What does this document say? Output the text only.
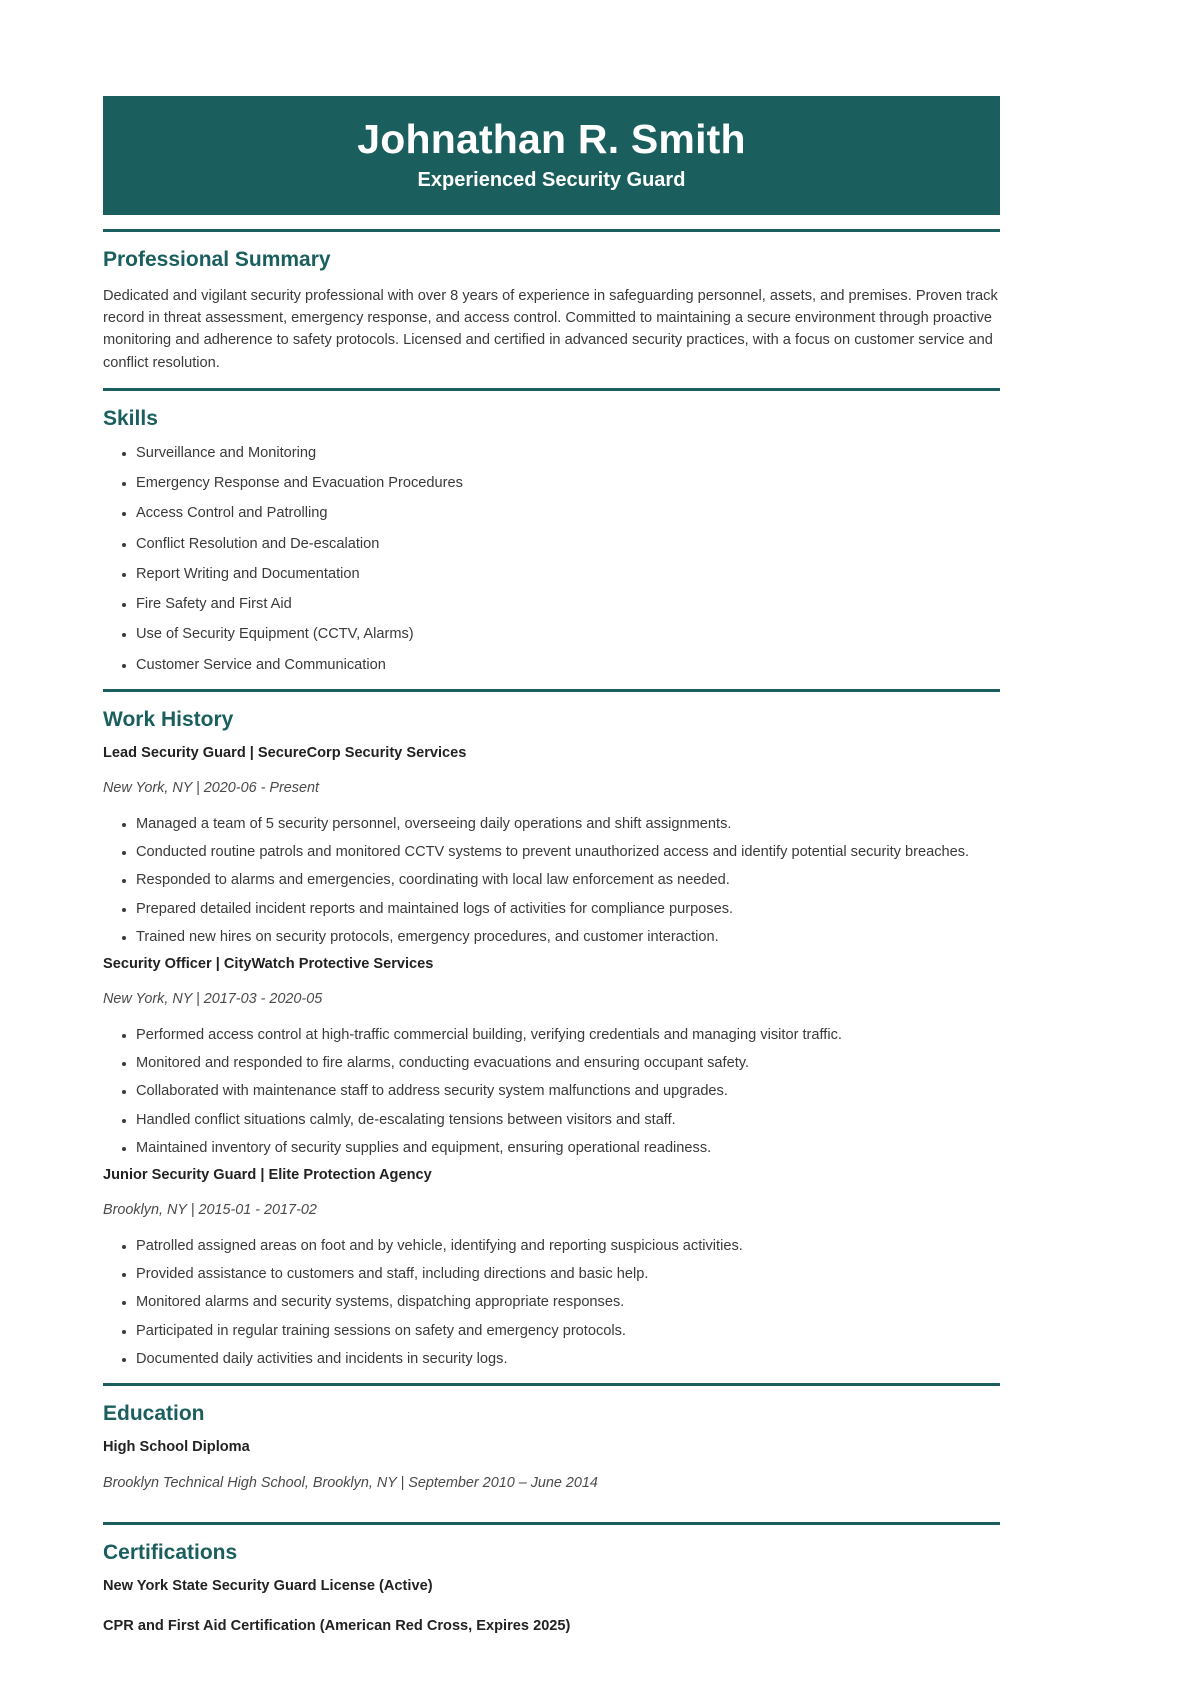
Johnathan R. Smith
Experienced Security Guard
Professional Summary

Dedicated and vigilant security professional with over 8 years of experience in safeguarding personnel, assets, and premises. Proven track record in threat assessment, emergency response, and access control. Committed to maintaining a secure environment through proactive monitoring and adherence to safety protocols. Licensed and certified in advanced security practices, with a focus on customer service and conflict resolution.

Skills
Surveillance and Monitoring
Emergency Response and Evacuation Procedures
Access Control and Patrolling
Conflict Resolution and De-escalation
Report Writing and Documentation
Fire Safety and First Aid
Use of Security Equipment (CCTV, Alarms)
Customer Service and Communication
Work History
Lead Security Guard | SecureCorp Security Services
New York, NY | 2020-06 - Present
Managed a team of 5 security personnel, overseeing daily operations and shift assignments.
Conducted routine patrols and monitored CCTV systems to prevent unauthorized access and identify potential security breaches.
Responded to alarms and emergencies, coordinating with local law enforcement as needed.
Prepared detailed incident reports and maintained logs of activities for compliance purposes.
Trained new hires on security protocols, emergency procedures, and customer interaction.
Security Officer | CityWatch Protective Services
New York, NY | 2017-03 - 2020-05
Performed access control at high-traffic commercial building, verifying credentials and managing visitor traffic.
Monitored and responded to fire alarms, conducting evacuations and ensuring occupant safety.
Collaborated with maintenance staff to address security system malfunctions and upgrades.
Handled conflict situations calmly, de-escalating tensions between visitors and staff.
Maintained inventory of security supplies and equipment, ensuring operational readiness.
Junior Security Guard | Elite Protection Agency
Brooklyn, NY | 2015-01 - 2017-02
Patrolled assigned areas on foot and by vehicle, identifying and reporting suspicious activities.
Provided assistance to customers and staff, including directions and basic help.
Monitored alarms and security systems, dispatching appropriate responses.
Participated in regular training sessions on safety and emergency protocols.
Documented daily activities and incidents in security logs.
Education
High School Diploma
Brooklyn Technical High School, Brooklyn, NY | September 2010 – June 2014
Certifications
New York State Security Guard License (Active)
CPR and First Aid Certification (American Red Cross, Expires 2025)
